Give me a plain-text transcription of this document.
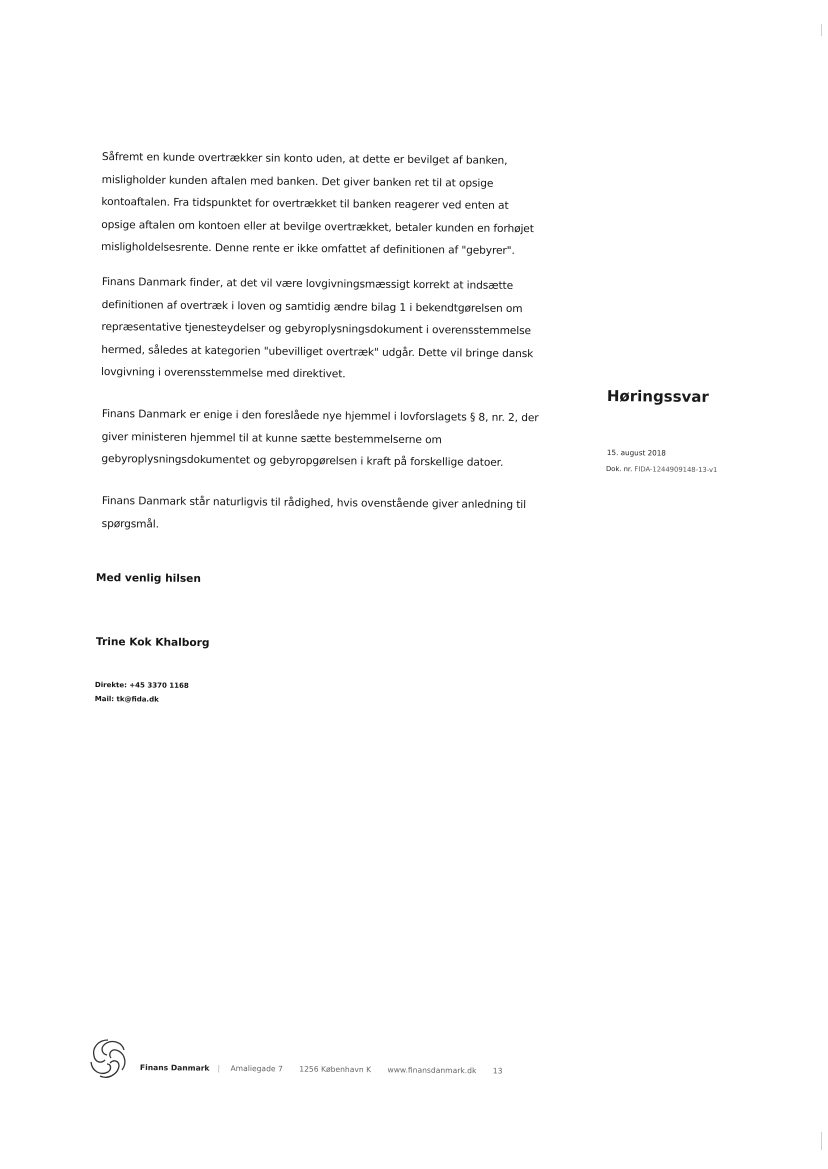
Såfremt en kunde overtrækker sin konto uden, at dette er bevilget af banken, misligholder kunden aftalen med banken. Det giver banken ret til at opsige kontoaftalen. Fra tidspunktet for overtrækket til banken reagerer ved enten at opsige aftalen om kontoen eller at bevilge overtrækket, betaler kunden en forhøjet misligholdelsesrente. Denne rente er ikke omfattet af definitionen af "gebyrer".
Finans Danmark finder, at det vil være lovgivningsmæssigt korrekt at indsætte definitionen af overtræk i loven og samtidig ændre bilag 1 i bekendtgørelsen om repræsentative tjenesteydelser og gebyroplysningsdokument i overensstemmelse hermed, således at kategorien "ubevilliget overtræk" udgår. Dette vil bringe dansk lovgivning i overensstemmelse med direktivet.
Finans Danmark er enige i den foreslåede nye hjemmel i lovforslagets § 8, nr. 2, der giver ministeren hjemmel til at kunne sætte bestemmelserne om gebyroplysningsdokumentet og gebyropgørelsen i kraft på forskellige datoer.
Finans Danmark står naturligvis til rådighed, hvis ovenstående giver anledning til spørgsmål.
Med venlig hilsen
Trine Kok Khalborg
Direkte: +45 3370 1168
Mail: tk@fida.dk
Høringssvar
15. august 2018
Dok. nr. FIDA-1244909148-13-v1
Finans Danmark | Amaliegade 7 1256 København K www.finansdanmark.dk 13
